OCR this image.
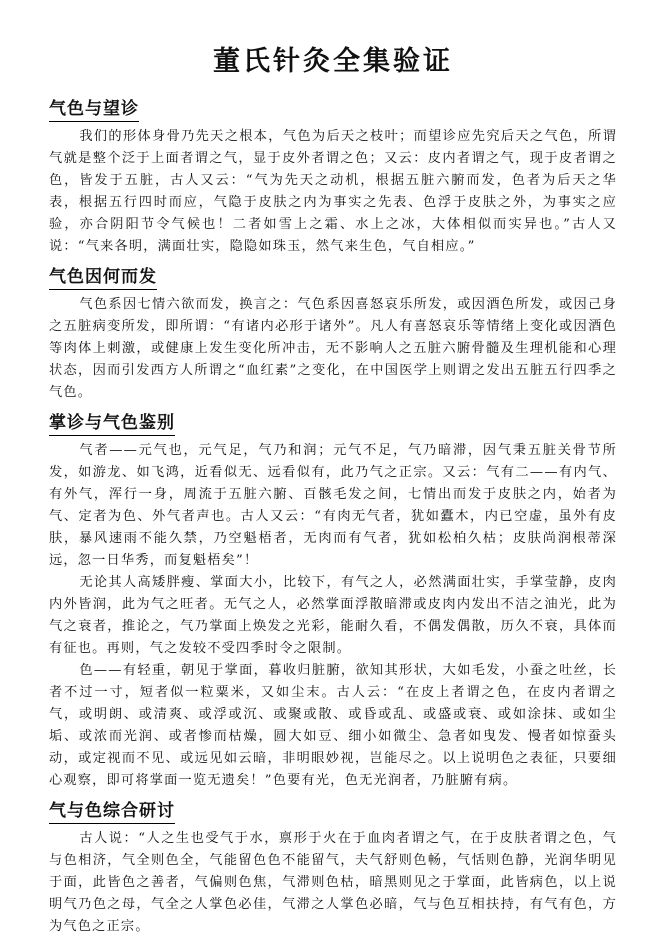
董氏针灸全集验证
气色与望诊

我们的形体身骨乃先天之根本，气色为后天之枝叶；而望诊应先究后天之气色，所谓气就是整个泛于上面者谓之气，显于皮外者谓之色；又云：皮内者谓之气，现于皮者谓之色，皆发于五脏，古人又云：“气为先天之动机，根据五脏六腑而发，色者为后天之华表，根据五行四时而应，气隐于皮肤之内为事实之先表、色浮于皮肤之外，为事实之应验，亦合阴阳节令气候也！二者如雪上之霜、水上之冰，大体相似而实异也。”古人又说：“气来各明，满面壮实，隐隐如珠玉，然气来生色，气自相应。”

气色因何而发

气色系因七情六欲而发，换言之：气色系因喜怒哀乐所发，或因酒色所发，或因己身之五脏病变所发，即所谓：“有诸内必形于诸外”。凡人有喜怒哀乐等情绪上变化或因酒色等肉体上刺激，或健康上发生变化所冲击，无不影响人之五脏六腑骨髓及生理机能和心理状态，因而引发西方人所谓之“血红素”之变化，在中国医学上则谓之发出五脏五行四季之气色。

掌诊与气色鉴别

气者——元气也，元气足，气乃和润；元气不足，气乃暗滞，因气秉五脏关骨节所发，如游龙、如飞鸿，近看似无、远看似有，此乃气之正宗。又云：气有二——有内气、有外气，浑行一身，周流于五脏六腑、百骸毛发之间，七情出而发于皮肤之内，始者为气、定者为色、外气者声也。古人又云：“有肉无气者，犹如蠹木，内已空虚，虽外有皮肤，暴风速雨不能久禁，乃空魁梧者，无肉而有气者，犹如松柏久枯；皮肤尚润根蒂深远，忽一日华秀，而复魁梧矣”！

无论其人高矮胖瘦、掌面大小，比较下，有气之人，必然满面壮实，手掌莹静，皮肉内外皆润，此为气之旺者。无气之人，必然掌面浮散暗滞或皮肉内发出不洁之油光，此为气之衰者，推论之，气乃掌面上焕发之光彩，能耐久看，不偶发偶散，历久不衰，具体而有征也。再则，气之发较不受四季时令之限制。

色——有轻重，朝见于掌面，暮收归脏腑，欲知其形状，大如毛发，小蚕之吐丝，长者不过一寸，短者似一粒粟米，又如尘末。古人云：“在皮上者谓之色，在皮内者谓之气，或明朗、或清爽、或浮或沉、或聚或散、或昏或乱、或盛或衰、或如涂抹、或如尘垢、或浓而光润、或者惨而枯燥，圆大如豆、细小如微尘、急者如曳发、慢者如惊蚕头动，或定视而不见、或远见如云暗，非明眼妙视，岂能尽之。以上说明色之表征，只要细心观察，即可将掌面一览无遗矣！”色要有光，色无光润者，乃脏腑有病。

气与色综合研讨

古人说：“人之生也受气于水，禀形于火在于血肉者谓之气，在于皮肤者谓之色，气与色相济，气全则色全，气能留色色不能留气，夫气舒则色畅，气恬则色静，光润华明见于面，此皆色之善者，气偏则色焦，气滞则色枯，暗黑则见之于掌面，此皆病色，以上说明气乃色之母，气全之人掌色必佳，气滞之人掌色必暗，气与色互相扶持，有气有色，方为气色之正宗。
